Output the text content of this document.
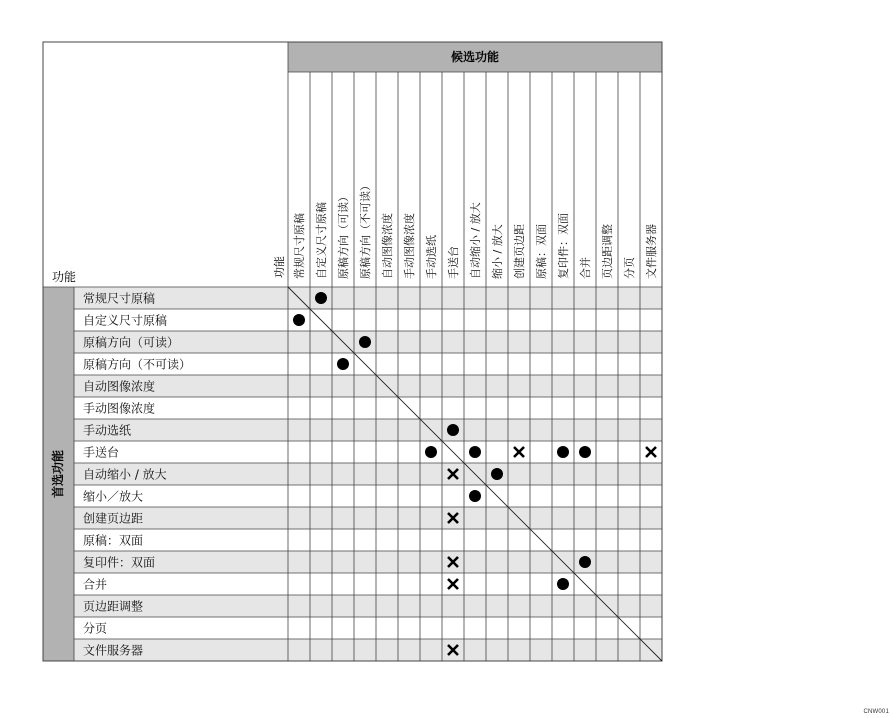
常规尺寸原稿 自定义尺寸原稿 原稿方向（可读） 原稿方向（不可读） 自动图像浓度 手动图像浓度 手动选纸 手送台 自动缩小 / 放大 缩小 / 放大 创建页边距 原稿：双面 复印件：双面 合并 页边距调整 分页 文件服务器
常规尺寸原稿
自定义尺寸原稿
原稿方向（可读）
原稿方向（不可读）
自动图像浓度
手动图像浓度
手动选纸
手送台
自动缩小 / 放大
缩小／放大
创建页边距
原稿：双面
复印件：双面
合并
页边距调整
分页
文件服务器
候选功能
功能	功能
首选功能
CNW001
